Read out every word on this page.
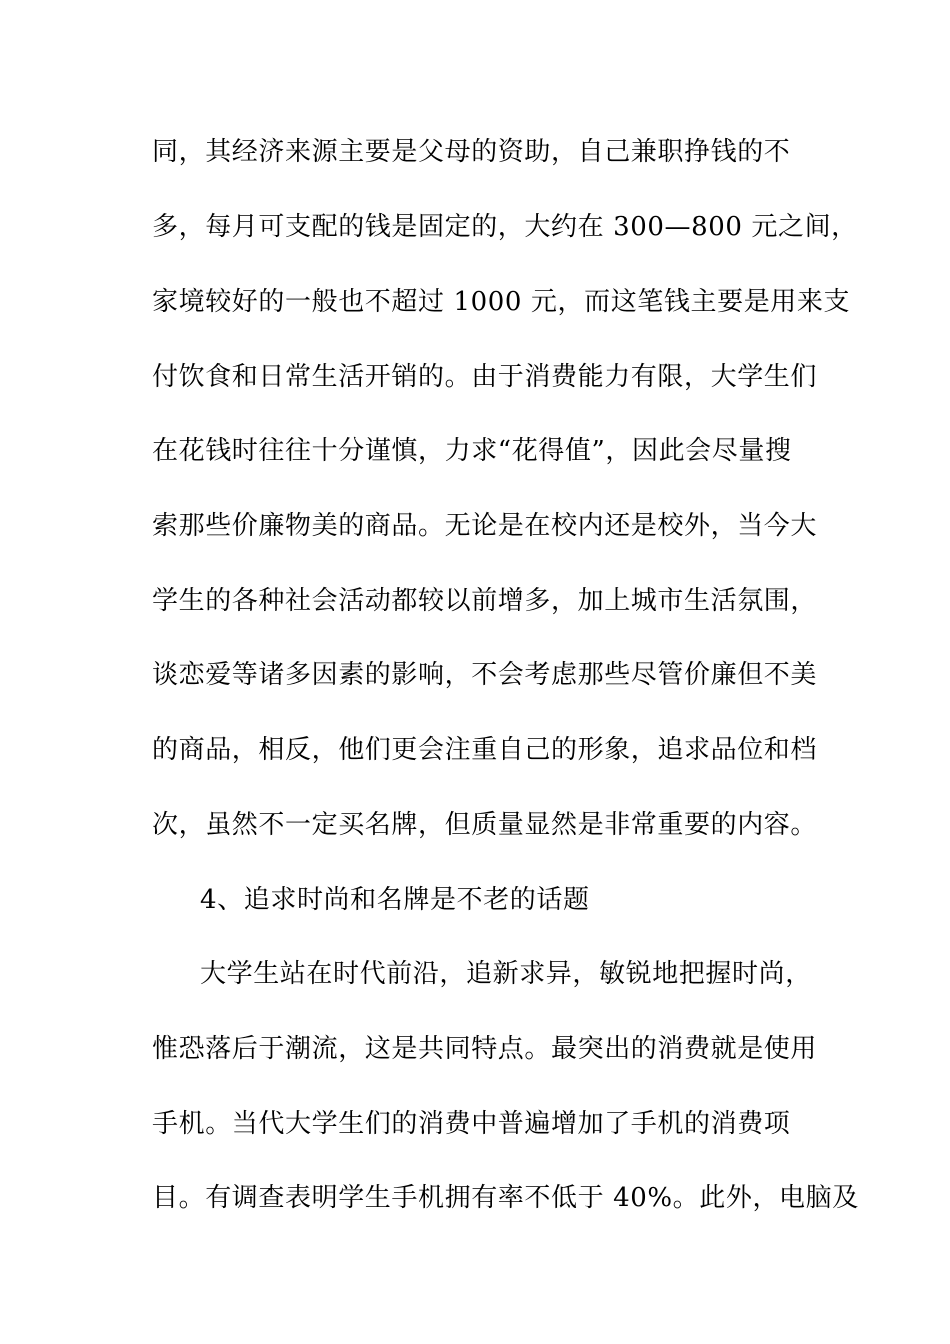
同，其经济来源主要是父母的资助，自己兼职挣钱的不
多，每月可支配的钱是固定的，大约在 300—800 元之间，
家境较好的一般也不超过 1000 元，而这笔钱主要是用来支
付饮食和日常生活开销的。由于消费能力有限，大学生们
在花钱时往往十分谨慎，力求“花得值”，因此会尽量搜
索那些价廉物美的商品。无论是在校内还是校外，当今大
学生的各种社会活动都较以前增多，加上城市生活氛围，
谈恋爱等诸多因素的影响，不会考虑那些尽管价廉但不美
的商品，相反，他们更会注重自己的形象，追求品位和档
次，虽然不一定买名牌，但质量显然是非常重要的内容。
4、追求时尚和名牌是不老的话题
大学生站在时代前沿，追新求异，敏锐地把握时尚，
惟恐落后于潮流，这是共同特点。最突出的消费就是使用
手机。当代大学生们的消费中普遍增加了手机的消费项
目。有调查表明学生手机拥有率不低于 40%。此外，电脑及
